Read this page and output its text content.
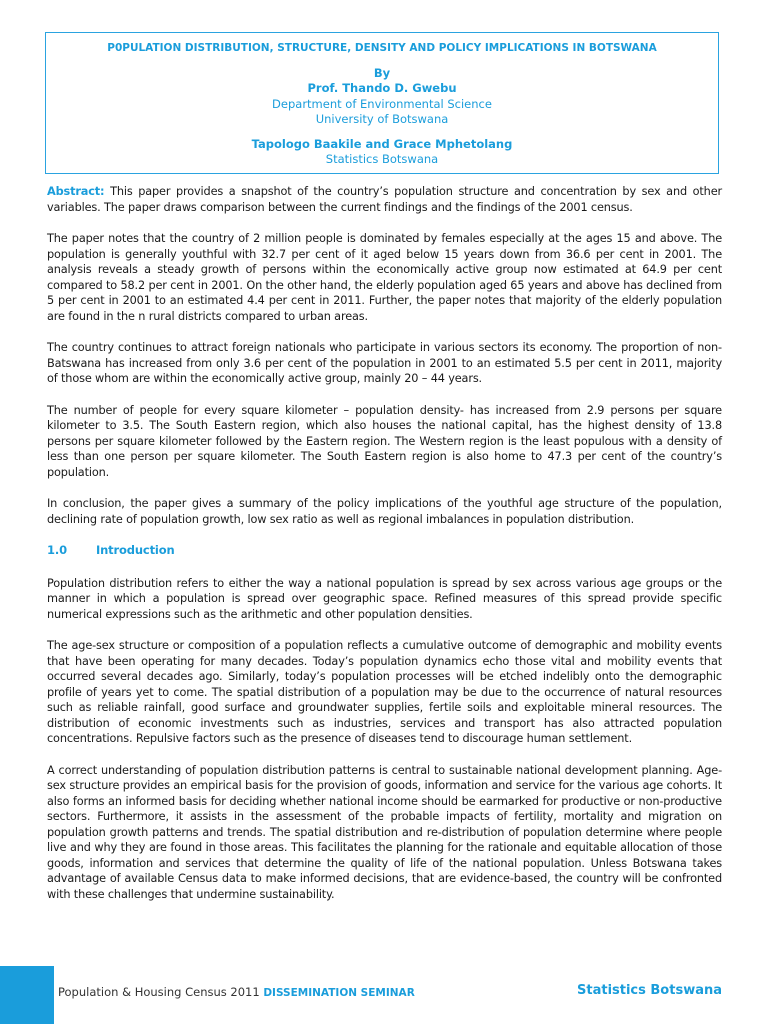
P0PULATION DISTRIBUTION, STRUCTURE, DENSITY AND POLICY IMPLICATIONS IN BOTSWANA
By
Prof. Thando D. Gwebu
Department of Environmental Science
University of Botswana
Tapologo Baakile and Grace Mphetolang
Statistics Botswana

Abstract: This paper provides a snapshot of the country’s population structure and concentration by sex and other variables. The paper draws comparison between the current findings and the findings of the 2001 census.

The paper notes that the country of 2 million people is dominated by females especially at the ages 15 and above. The population is generally youthful with 32.7 per cent of it aged below 15 years down from 36.6 per cent in 2001. The analysis reveals a steady growth of persons within the economically active group now estimated at 64.9 per cent compared to 58.2 per cent in 2001. On the other hand, the elderly population aged 65 years and above has declined from 5 per cent in 2001 to an estimated 4.4 per cent in 2011. Further, the paper notes that majority of the elderly population are found in the n rural districts compared to urban areas.

The country continues to attract foreign nationals who participate in various sectors its economy. The proportion of non-Batswana has increased from only 3.6 per cent of the population in 2001 to an estimated 5.5 per cent in 2011, majority of those whom are within the economically active group, mainly 20 – 44 years.

The number of people for every square kilometer – population density- has increased from 2.9 persons per square kilometer to 3.5. The South Eastern region, which also houses the national capital, has the highest density of 13.8 persons per square kilometer followed by the Eastern region. The Western region is the least populous with a density of less than one person per square kilometer. The South Eastern region is also home to 47.3 per cent of the country’s population.

In conclusion, the paper gives a summary of the policy implications of the youthful age structure of the population, declining rate of population growth, low sex ratio as well as regional imbalances in population distribution.

1.0	Introduction

Population distribution refers to either the way a national population is spread by sex across various age groups or the manner in which a population is spread over geographic space. Refined measures of this spread provide specific numerical expressions such as the arithmetic and other population densities.

The age-sex structure or composition of a population reflects a cumulative outcome of demographic and mobility events that have been operating for many decades. Today’s population dynamics echo those vital and mobility events that occurred several decades ago. Similarly, today’s population processes will be etched indelibly onto the demographic profile of years yet to come. The spatial distribution of a population may be due to the occurrence of natural resources such as reliable rainfall, good surface and groundwater supplies, fertile soils and exploitable mineral resources. The distribution of economic investments such as industries, services and transport has also attracted population concentrations. Repulsive factors such as the presence of diseases tend to discourage human settlement.

A correct understanding of population distribution patterns is central to sustainable national development planning. Age-sex structure provides an empirical basis for the provision of goods, information and service for the various age cohorts. It also forms an informed basis for deciding whether national income should be earmarked for productive or non-productive sectors. Furthermore, it assists in the assessment of the probable impacts of fertility, mortality and migration on population growth patterns and trends. The spatial distribution and re-distribution of population determine where people live and why they are found in those areas. This facilitates the planning for the rationale and equitable allocation of those goods, information and services that determine the quality of life of the national population. Unless Botswana takes advantage of available Census data to make informed decisions, that are evidence-based, the country will be confronted with these challenges that undermine sustainability.

Population & Housing Census 2011 DISSEMINATION SEMINAR	Statistics Botswana
